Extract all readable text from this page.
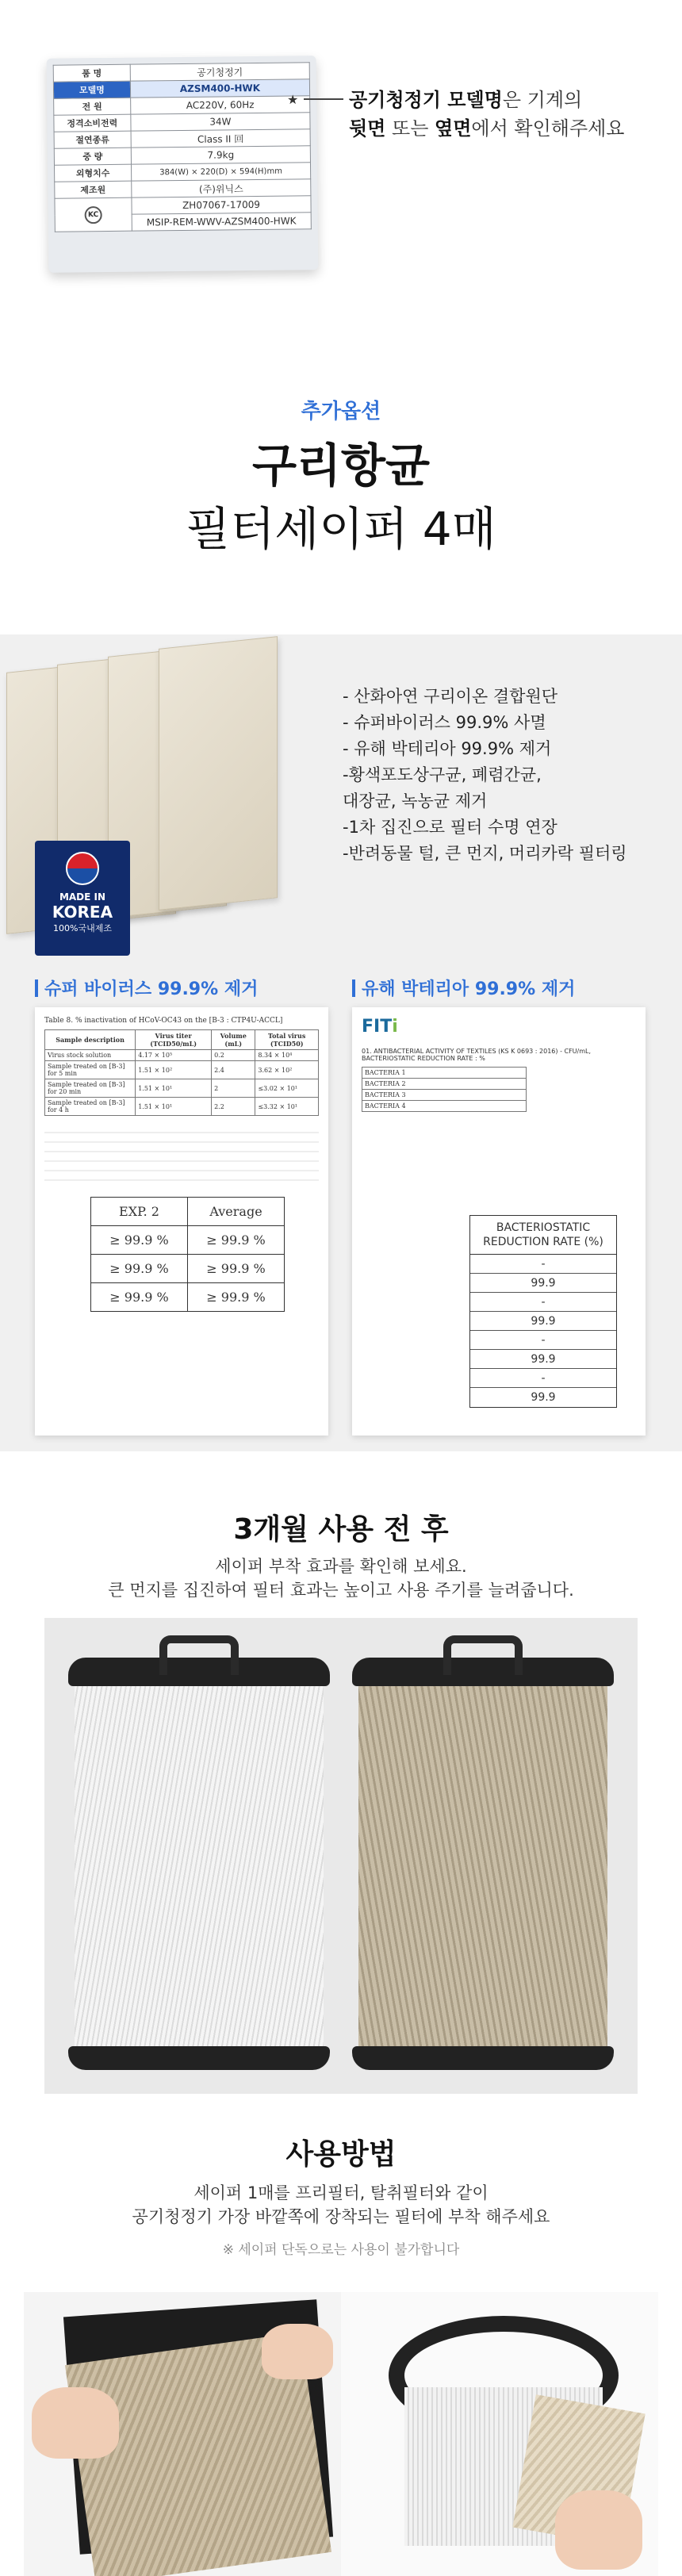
품 명	공기청정기
모델명	AZSM400-HWK
전 원	AC220V, 60Hz
정격소비전력	34W
절연종류	Class II 回
중 량	7.9kg
외형치수	384(W) × 220(D) × 594(H)mm
제조원	(주)위닉스
KC	ZH07067-17009
	MSIP-REM-WWV-AZSM400-HWK
★	공기청정기 모델명은 기계의
뒷면 또는 옆면에서 확인해주세요
추가옵션
구리항균
필터세이퍼 4매
MADE IN
KOREA
100%국내제조
- 산화아연 구리이온 결합원단
- 슈퍼바이러스 99.9% 사멸
- 유해 박테리아 99.9% 제거
-황색포도상구균, 폐렴간균,
대장균, 녹농균 제거
-1차 집진으로 필터 수명 연장
-반려동물 털, 큰 먼지, 머리카락 필터링
슈퍼 바이러스 99.9% 제거
Table 8. % inactivation of HCoV-OC43 on the [B-3 : CTP4U-ACCL]
Sample description	Virus titer (TCID50/mL)	Volume (mL)	Total virus (TCID50)
Virus stock solution	4.17 × 10⁵	0.2	8.34 × 10⁴
Sample treated on [B-3] for 5 min	1.51 × 10²	2.4	3.62 × 10²
Sample treated on [B-3] for 20 min	1.51 × 10¹	2	≤3.02 × 10¹
Sample treated on [B-3] for 4 h	1.51 × 10¹	2.2	≤3.32 × 10¹
EXP. 2	Average
≥ 99.9 %	≥ 99.9 %
≥ 99.9 %	≥ 99.9 %
≥ 99.9 %	≥ 99.9 %
유해 박테리아 99.9% 제거
FITi
01. ANTIBACTERIAL ACTIVITY OF TEXTILES (KS K 0693 : 2016) - CFU/mL, BACTERIOSTATIC REDUCTION RATE : %
BACTERIA 1
BACTERIA 2
BACTERIA 3
BACTERIA 4
BACTERIOSTATIC REDUCTION RATE (%)
-
99.9
-
99.9
-
99.9
-
99.9
3개월 사용 전 후
세이퍼 부착 효과를 확인해 보세요.
큰 먼지를 집진하여 필터 효과는 높이고 사용 주기를 늘려줍니다.
사용방법
세이퍼 1매를 프리필터, 탈취필터와 같이
공기청정기 가장 바깥쪽에 장착되는 필터에 부착 해주세요
※ 세이퍼 단독으로는 사용이 불가합니다
